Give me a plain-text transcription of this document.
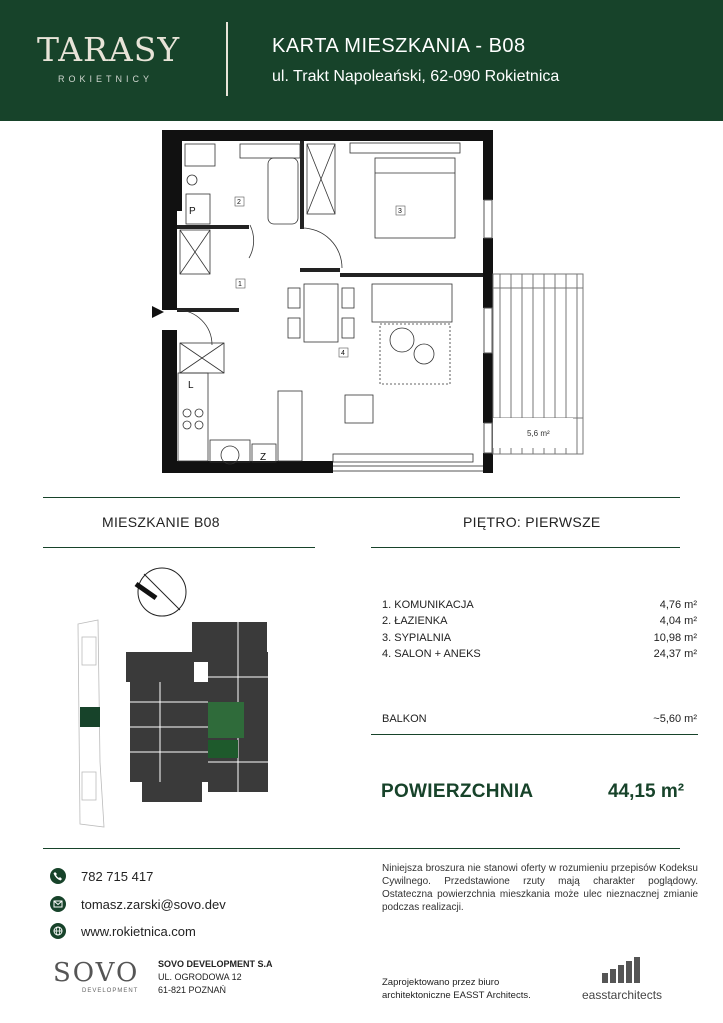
TARASY
ROKIETNICY
KARTA MIESZKANIA - B08
ul. Trakt Napoleański, 62-090 Rokietnica
5,6 m²
P
L
Z
2
1
3
4
MIESZKANIE B08	PIĘTRO: PIERWSZE
1. KOMUNIKACJA	4,76 m²
2. ŁAZIENKA	4,04 m²
3. SYPIALNIA	10,98 m²
4. SALON + ANEKS	24,37 m²
BALKON	~5,60 m²
POWIERZCHNIA	44,15 m²
782 715 417
tomasz.zarski@sovo.dev
www.rokietnica.com
Niniejsza broszura nie stanowi oferty w rozumieniu przepisów Kodeksu Cywilnego. Przedstawione rzuty mają charakter poglądowy. Ostateczna powierzchnia mieszkania może ulec nieznacznej zmianie podczas realizacji.
SOVO
DEVELOPMENT
SOVO DEVELOPMENT S.A
UL. OGRODOWA 12
61-821 POZNAŃ
Zaprojektowano przez biuro
architektoniczne EASST Architects.	easstarchitects
